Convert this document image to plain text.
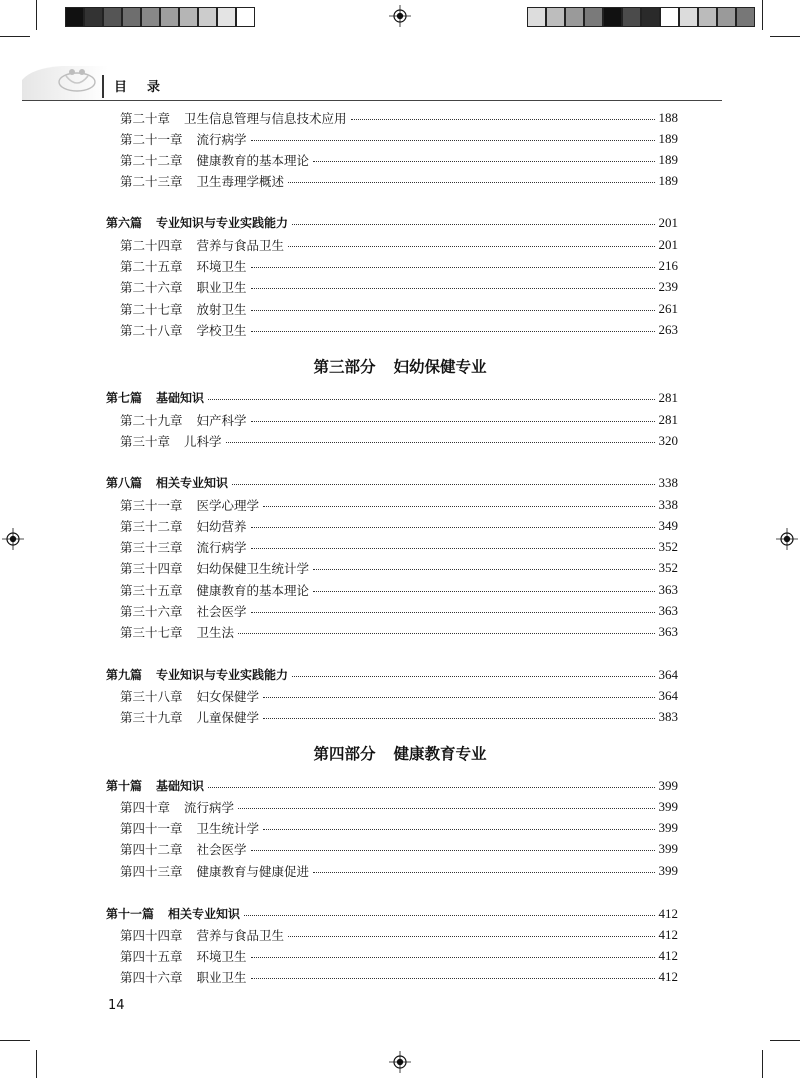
目 录
第二十章 卫生信息管理与信息技术应用	188
第二十一章 流行病学	189
第二十二章 健康教育的基本理论	189
第二十三章 卫生毒理学概述	189
第六篇 专业知识与专业实践能力	201
第二十四章 营养与食品卫生	201
第二十五章 环境卫生	216
第二十六章 职业卫生	239
第二十七章 放射卫生	261
第二十八章 学校卫生	263
第三部分 妇幼保健专业
第七篇 基础知识	281
第二十九章 妇产科学	281
第三十章 儿科学	320
第八篇 相关专业知识	338
第三十一章 医学心理学	338
第三十二章 妇幼营养	349
第三十三章 流行病学	352
第三十四章 妇幼保健卫生统计学	352
第三十五章 健康教育的基本理论	363
第三十六章 社会医学	363
第三十七章 卫生法	363
第九篇 专业知识与专业实践能力	364
第三十八章 妇女保健学	364
第三十九章 儿童保健学	383
第四部分 健康教育专业
第十篇 基础知识	399
第四十章 流行病学	399
第四十一章 卫生统计学	399
第四十二章 社会医学	399
第四十三章 健康教育与健康促进	399
第十一篇 相关专业知识	412
第四十四章 营养与食品卫生	412
第四十五章 环境卫生	412
第四十六章 职业卫生	412
14
